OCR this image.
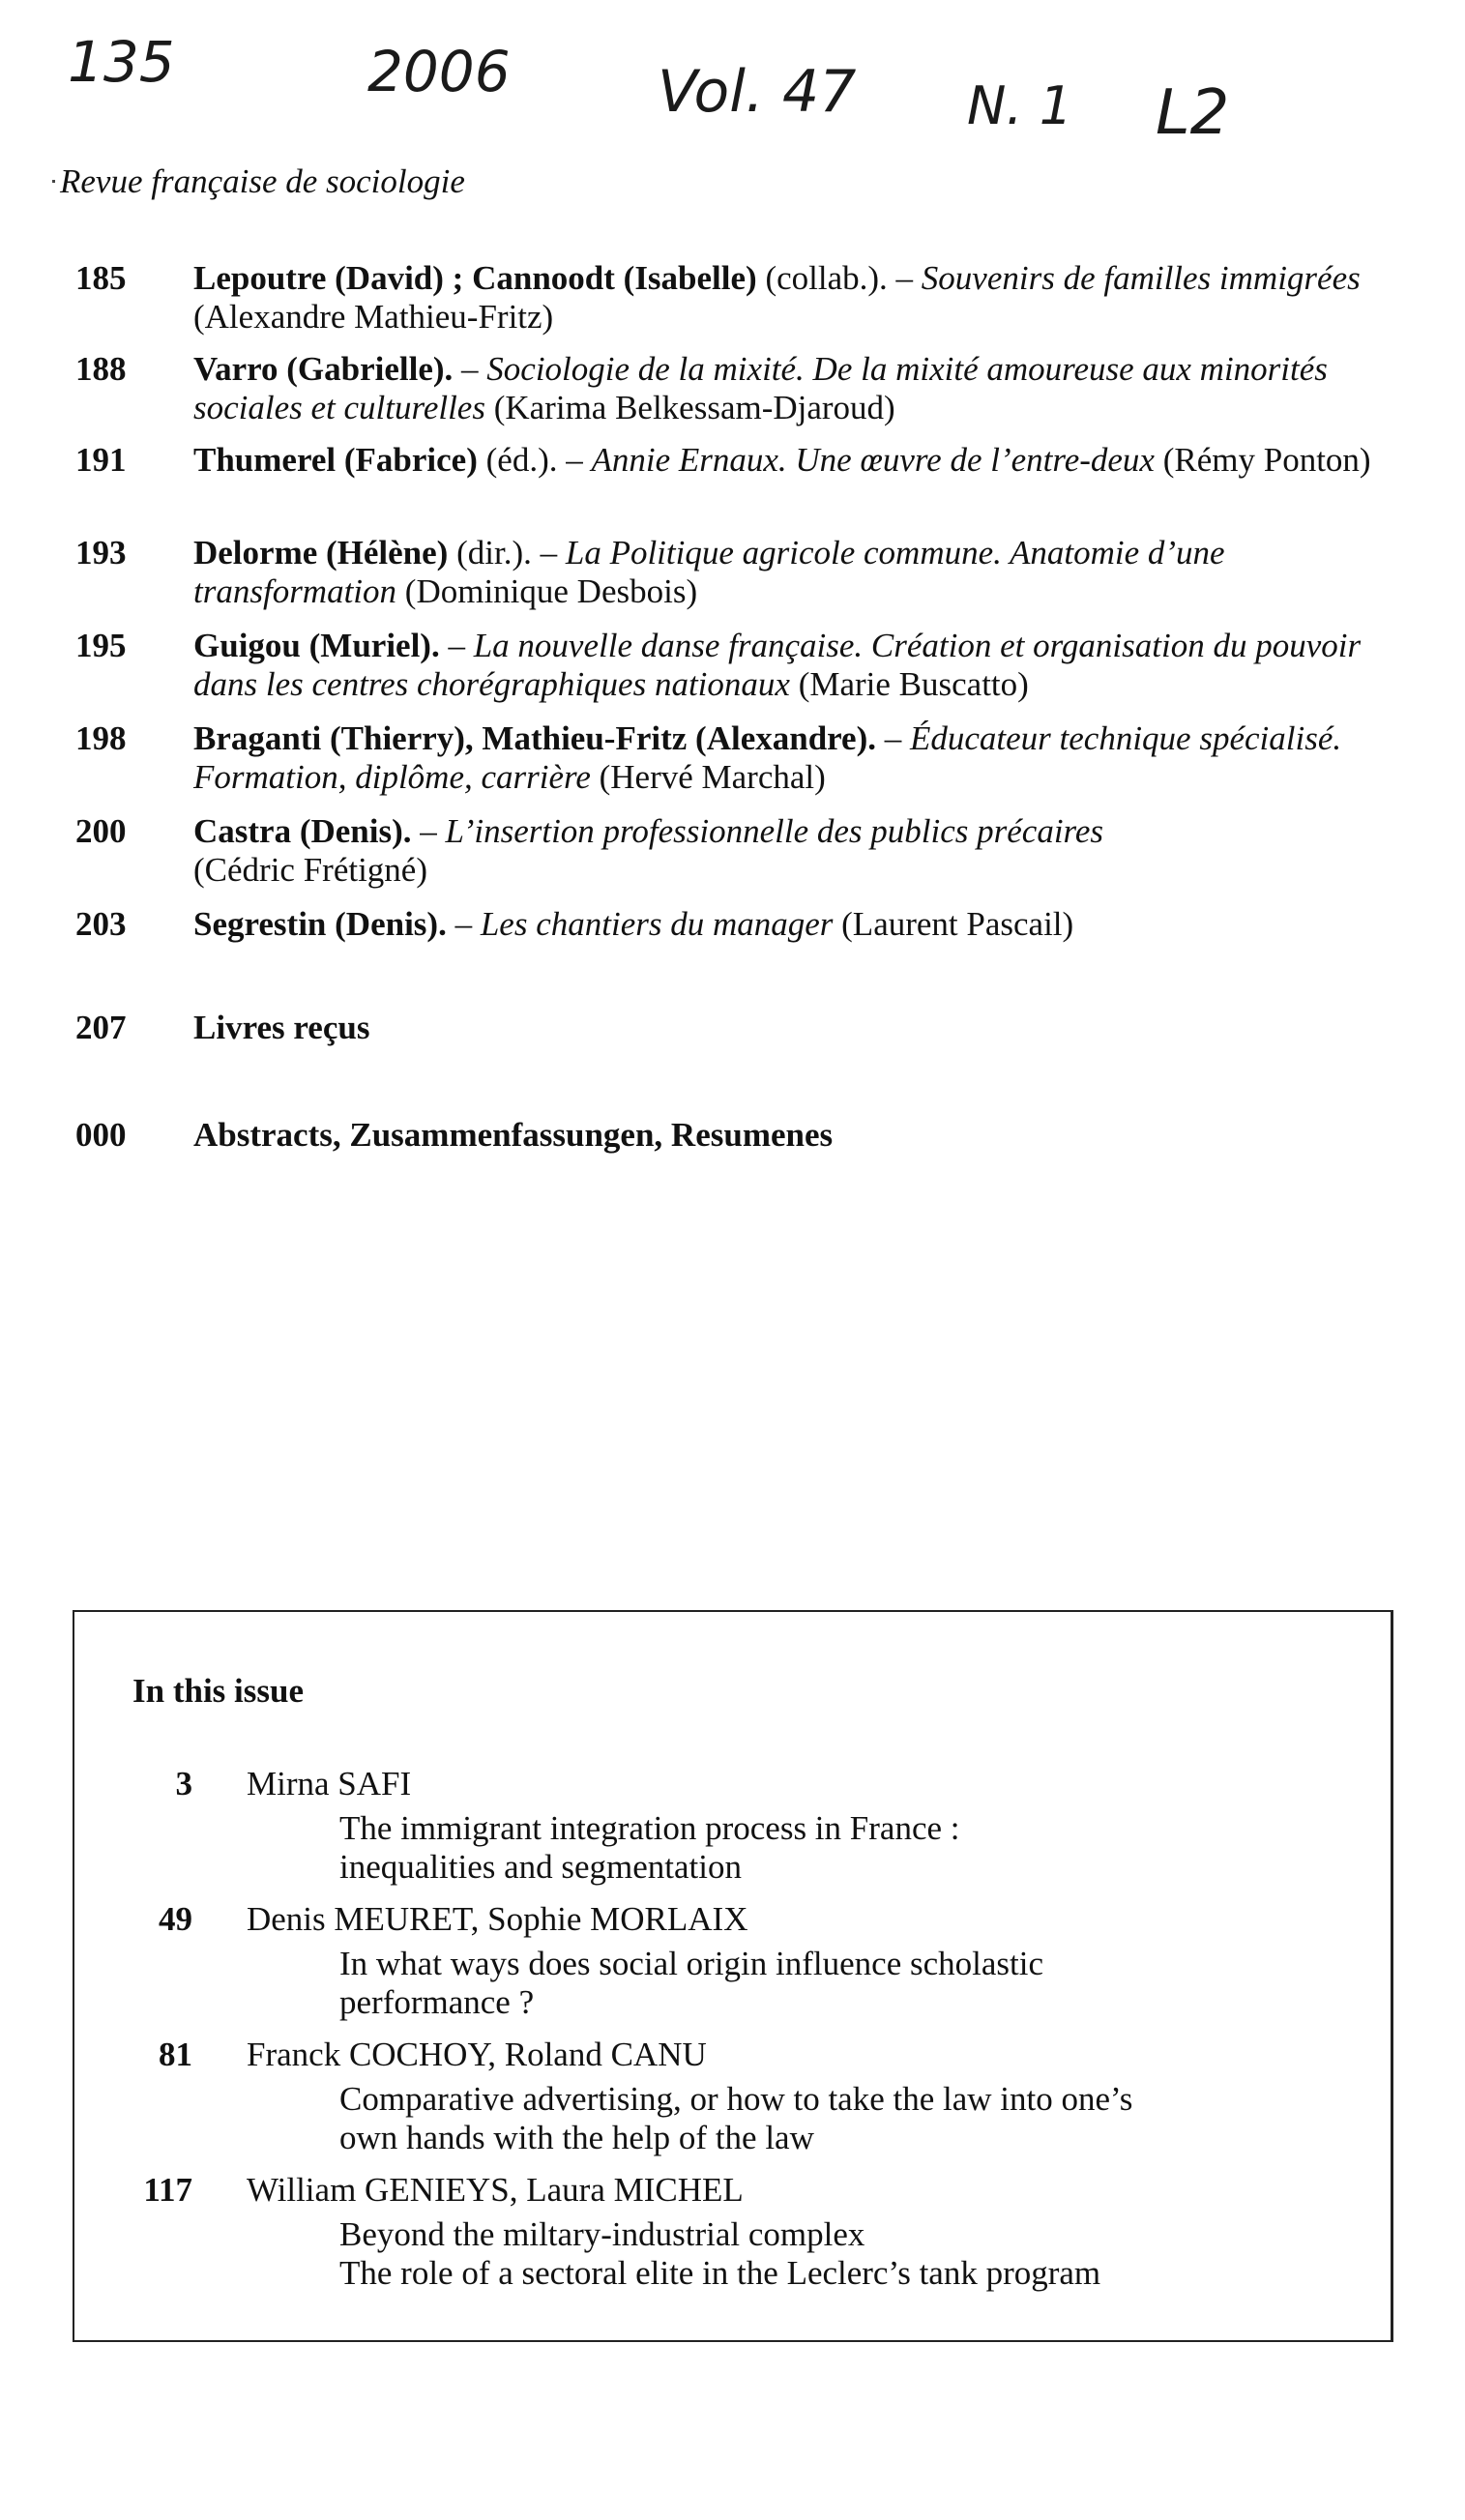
135	2006	Vol. 47 N. 1 L2
Revue française de sociologie
185	Lepoutre (David) ; Cannoodt (Isabelle) (collab.). – Souvenirs de familles immigrées (Alexandre Mathieu-Fritz)
188	Varro (Gabrielle). – Sociologie de la mixité. De la mixité amoureuse aux minorités sociales et culturelles (Karima Belkessam-Djaroud)
191	Thumerel (Fabrice) (éd.). – Annie Ernaux. Une œuvre de l’entre-deux (Rémy Ponton)
193	Delorme (Hélène) (dir.). – La Politique agricole commune. Anatomie d’une transformation (Dominique Desbois)
195	Guigou (Muriel). – La nouvelle danse française. Création et organisation du pouvoir dans les centres chorégraphiques nationaux (Marie Buscatto)
198	Braganti (Thierry), Mathieu-Fritz (Alexandre). – Éducateur technique spécialisé. Formation, diplôme, carrière (Hervé Marchal)
200	Castra (Denis). – L’insertion professionnelle des publics précaires
(Cédric Frétigné)
203	Segrestin (Denis). – Les chantiers du manager (Laurent Pascail)
207	Livres reçus
000	Abstracts, Zusammenfassungen, Resumenes
In this issue
3 Mirna SAFI
The immigrant integration process in France :
inequalities and segmentation
49 Denis MEURET, Sophie MORLAIX
In what ways does social origin influence scholastic
performance ?
81 Franck COCHOY, Roland CANU
Comparative advertising, or how to take the law into one’s
own hands with the help of the law
117 William GENIEYS, Laura MICHEL
Beyond the miltary-industrial complex
The role of a sectoral elite in the Leclerc’s tank program
